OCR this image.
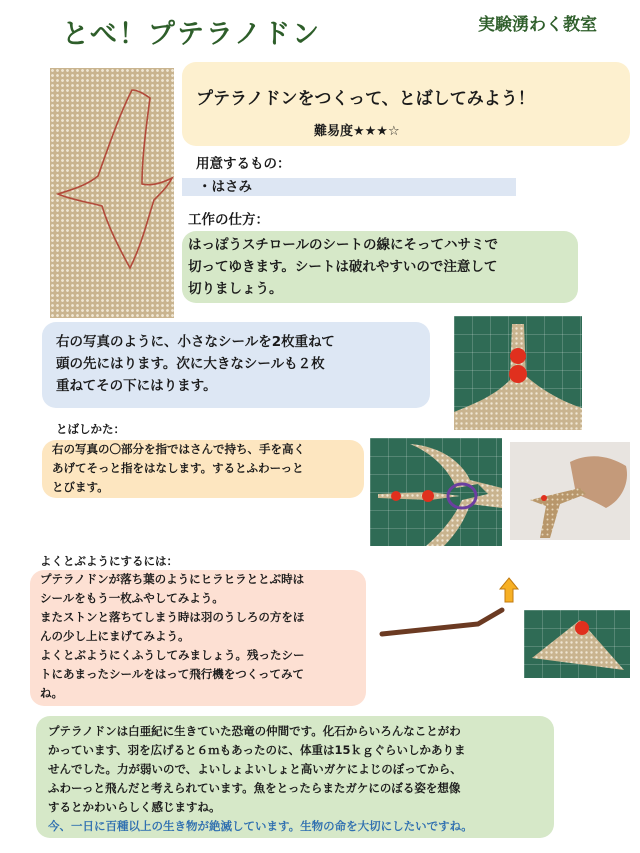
とべ！プテラノドン	実験湧わく教室
プテラノドンをつくって、とばしてみよう！
難易度★★★☆
用意するもの：
・はさみ
工作の仕方：
はっぽうスチロールのシートの線にそってハサミで
切ってゆきます。シートは破れやすいので注意して
切りましょう。
右の写真のように、小さなシールを2枚重ねて
頭の先にはります。次に大きなシールも２枚
重ねてその下にはります。
とばしかた：
右の写真の〇部分を指ではさんで持ち、手を高く
あげてそっと指をはなします。するとふわーっと
とびます。
よくとぶようにするには：
プテラノドンが落ち葉のようにヒラヒラととぶ時は
シールをもう一枚ふやしてみよう。
またストンと落ちてしまう時は羽のうしろの方をほ
んの少し上にまげてみよう。
よくとぶようにくふうしてみましょう。残ったシー
トにあまったシールをはって飛行機をつくってみて
ね。
プテラノドンは白亜紀に生きていた恐竜の仲間です。化石からいろんなことがわ
かっています、羽を広げると６ｍもあったのに、体重は15ｋｇぐらいしかありま
せんでした。力が弱いので、よいしょよいしょと高いガケによじのぼってから、
ふわーっと飛んだと考えられています。魚をとったらまたガケにのぼる姿を想像
するとかわいらしく感じますね。
今、一日に百種以上の生き物が絶滅しています。生物の命を大切にしたいですね。
